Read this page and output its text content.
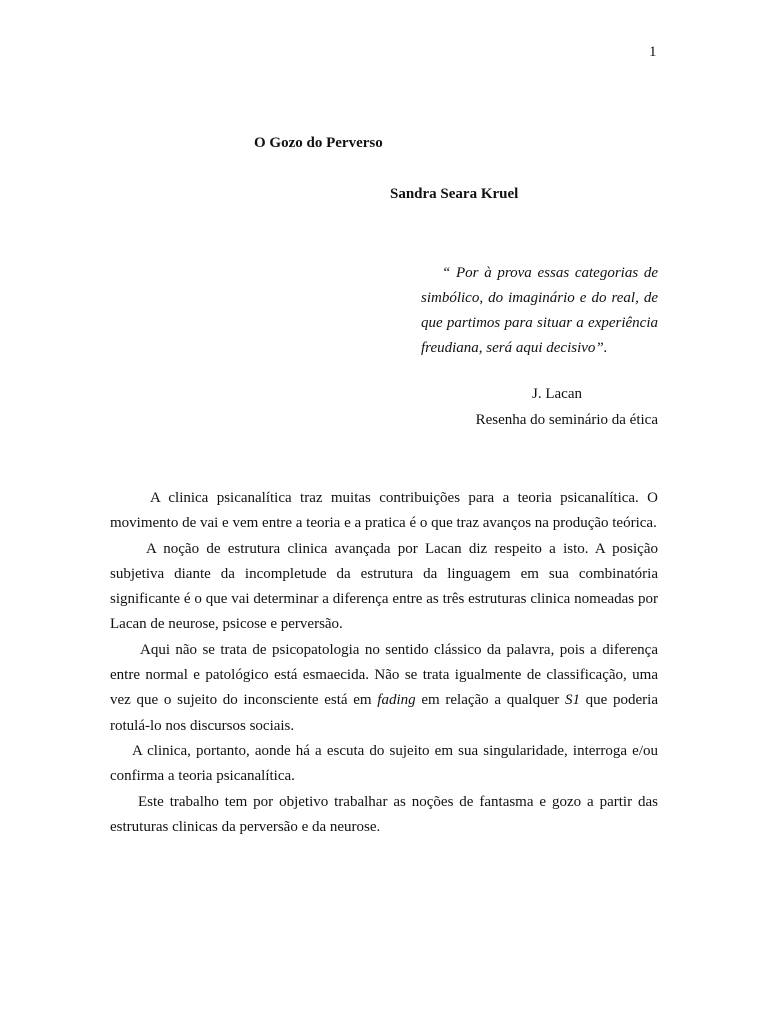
1
O Gozo do Perverso
Sandra Seara Kruel
“ Por à prova essas categorias de simbólico, do imaginário e do real, de que partimos para situar a experiência freudiana, será aqui decisivo”.
J. Lacan
Resenha do seminário da ética

A clinica psicanalítica traz muitas contribuições para a teoria psicanalítica. O movimento de vai e vem entre a teoria e a pratica é o que traz avanços na produção teórica.

A noção de estrutura clinica avançada por Lacan diz respeito a isto. A posição subjetiva diante da incompletude da estrutura da linguagem em sua combinatória significante é o que vai determinar a diferença entre as três estruturas clinica nomeadas por Lacan de neurose, psicose e perversão.

Aqui não se trata de psicopatologia no sentido clássico da palavra, pois a diferença entre normal e patológico está esmaecida. Não se trata igualmente de classificação, uma vez que o sujeito do inconsciente está em fading em relação a qualquer S1 que poderia rotulá-lo nos discursos sociais.

A clinica, portanto, aonde há a escuta do sujeito em sua singularidade, interroga e/ou confirma a teoria psicanalítica.

Este trabalho tem por objetivo trabalhar as noções de fantasma e gozo a partir das estruturas clinicas da perversão e da neurose.
